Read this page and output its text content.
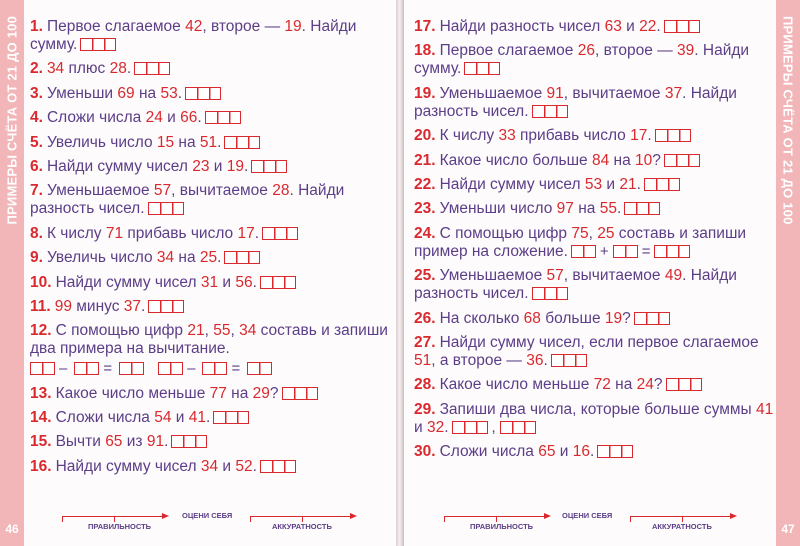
ПРИМЕРЫ СЧЁТА ОТ 21 ДО 100
46
1. Первое слагаемое 42, второе — 19. Найди сумму.
2. 34 плюс 28.
3. Уменьши 69 на 53.
4. Сложи числа 24 и 66.
5. Увеличь число 15 на 51.
6. Найди сумму чисел 23 и 19.
7. Уменьшаемое 57, вычитаемое 28. Найди разность чисел.
8. К числу 71 прибавь число 17.
9. Увеличь число 34 на 25.
10. Найди сумму чисел 31 и 56.
11. 99 минус 37.
12. С помощью цифр 21, 55, 34 составь и запиши два примера на вычитание.
– =	– =
13. Какое число меньше 77 на 29?
14. Сложи числа 54 и 41.
15. Вычти 65 из 91.
16. Найди сумму чисел 34 и 52.
ПРАВИЛЬНОСТЬ
ОЦЕНИ СЕБЯ
АККУРАТНОСТЬ
ПРИМЕРЫ СЧЁТА ОТ 21 ДО 100
47
17. Найди разность чисел 63 и 22.
18. Первое слагаемое 26, второе — 39. Найди сумму.
19. Уменьшаемое 91, вычитаемое 37. Найди разность чисел.
20. К числу 33 прибавь число 17.
21. Какое число больше 84 на 10?
22. Найди сумму чисел 53 и 21.
23. Уменьши число 97 на 55.
24. С помощью цифр 75, 25 составь и запиши пример на сложение. + =
25. Уменьшаемое 57, вычитаемое 49. Найди разность чисел.
26. На сколько 68 больше 19?
27. Найди сумму чисел, если первое слагаемое 51, а второе — 36.
28. Какое число меньше 72 на 24?
29. Запиши два числа, которые больше суммы 41 и 32.	,
30. Сложи числа 65 и 16.
ПРАВИЛЬНОСТЬ
ОЦЕНИ СЕБЯ
АККУРАТНОСТЬ
